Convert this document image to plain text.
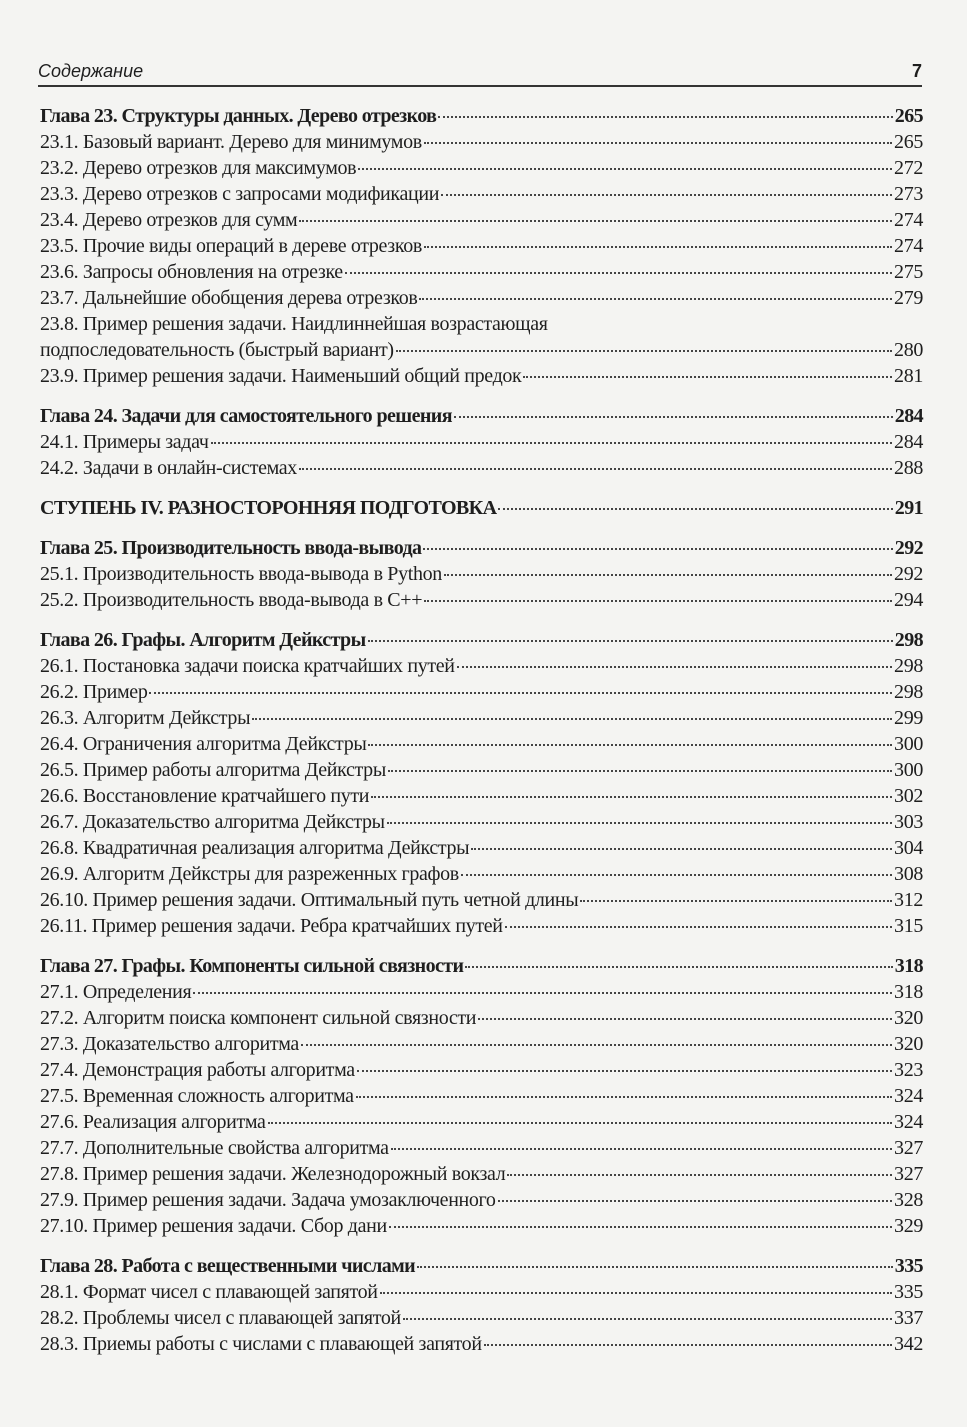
Содержание	7
Глава 23. Структуры данных. Дерево отрезков	265
23.1. Базовый вариант. Дерево для минимумов	265
23.2. Дерево отрезков для максимумов	272
23.3. Дерево отрезков с запросами модификации	273
23.4. Дерево отрезков для сумм	274
23.5. Прочие виды операций в дереве отрезков	274
23.6. Запросы обновления на отрезке	275
23.7. Дальнейшие обобщения дерева отрезков	279
23.8. Пример решения задачи. Наидлиннейшая возрастающая
подпоследовательность (быстрый вариант)	280
23.9. Пример решения задачи. Наименьший общий предок	281
Глава 24. Задачи для самостоятельного решения	284
24.1. Примеры задач	284
24.2. Задачи в онлайн-системах	288
СТУПЕНЬ IV. РАЗНОСТОРОННЯЯ ПОДГОТОВКА	291
Глава 25. Производительность ввода-вывода	292
25.1. Производительность ввода-вывода в Python	292
25.2. Производительность ввода-вывода в C++	294
Глава 26. Графы. Алгоритм Дейкстры	298
26.1. Постановка задачи поиска кратчайших путей	298
26.2. Пример	298
26.3. Алгоритм Дейкстры	299
26.4. Ограничения алгоритма Дейкстры	300
26.5. Пример работы алгоритма Дейкстры	300
26.6. Восстановление кратчайшего пути	302
26.7. Доказательство алгоритма Дейкстры	303
26.8. Квадратичная реализация алгоритма Дейкстры	304
26.9. Алгоритм Дейкстры для разреженных графов	308
26.10. Пример решения задачи. Оптимальный путь четной длины	312
26.11. Пример решения задачи. Ребра кратчайших путей	315
Глава 27. Графы. Компоненты сильной связности	318
27.1. Определения	318
27.2. Алгоритм поиска компонент сильной связности	320
27.3. Доказательство алгоритма	320
27.4. Демонстрация работы алгоритма	323
27.5. Временная сложность алгоритма	324
27.6. Реализация алгоритма	324
27.7. Дополнительные свойства алгоритма	327
27.8. Пример решения задачи. Железнодорожный вокзал	327
27.9. Пример решения задачи. Задача умозаключенного	328
27.10. Пример решения задачи. Сбор дани	329
Глава 28. Работа с вещественными числами	335
28.1. Формат чисел с плавающей запятой	335
28.2. Проблемы чисел с плавающей запятой	337
28.3. Приемы работы с числами с плавающей запятой	342
